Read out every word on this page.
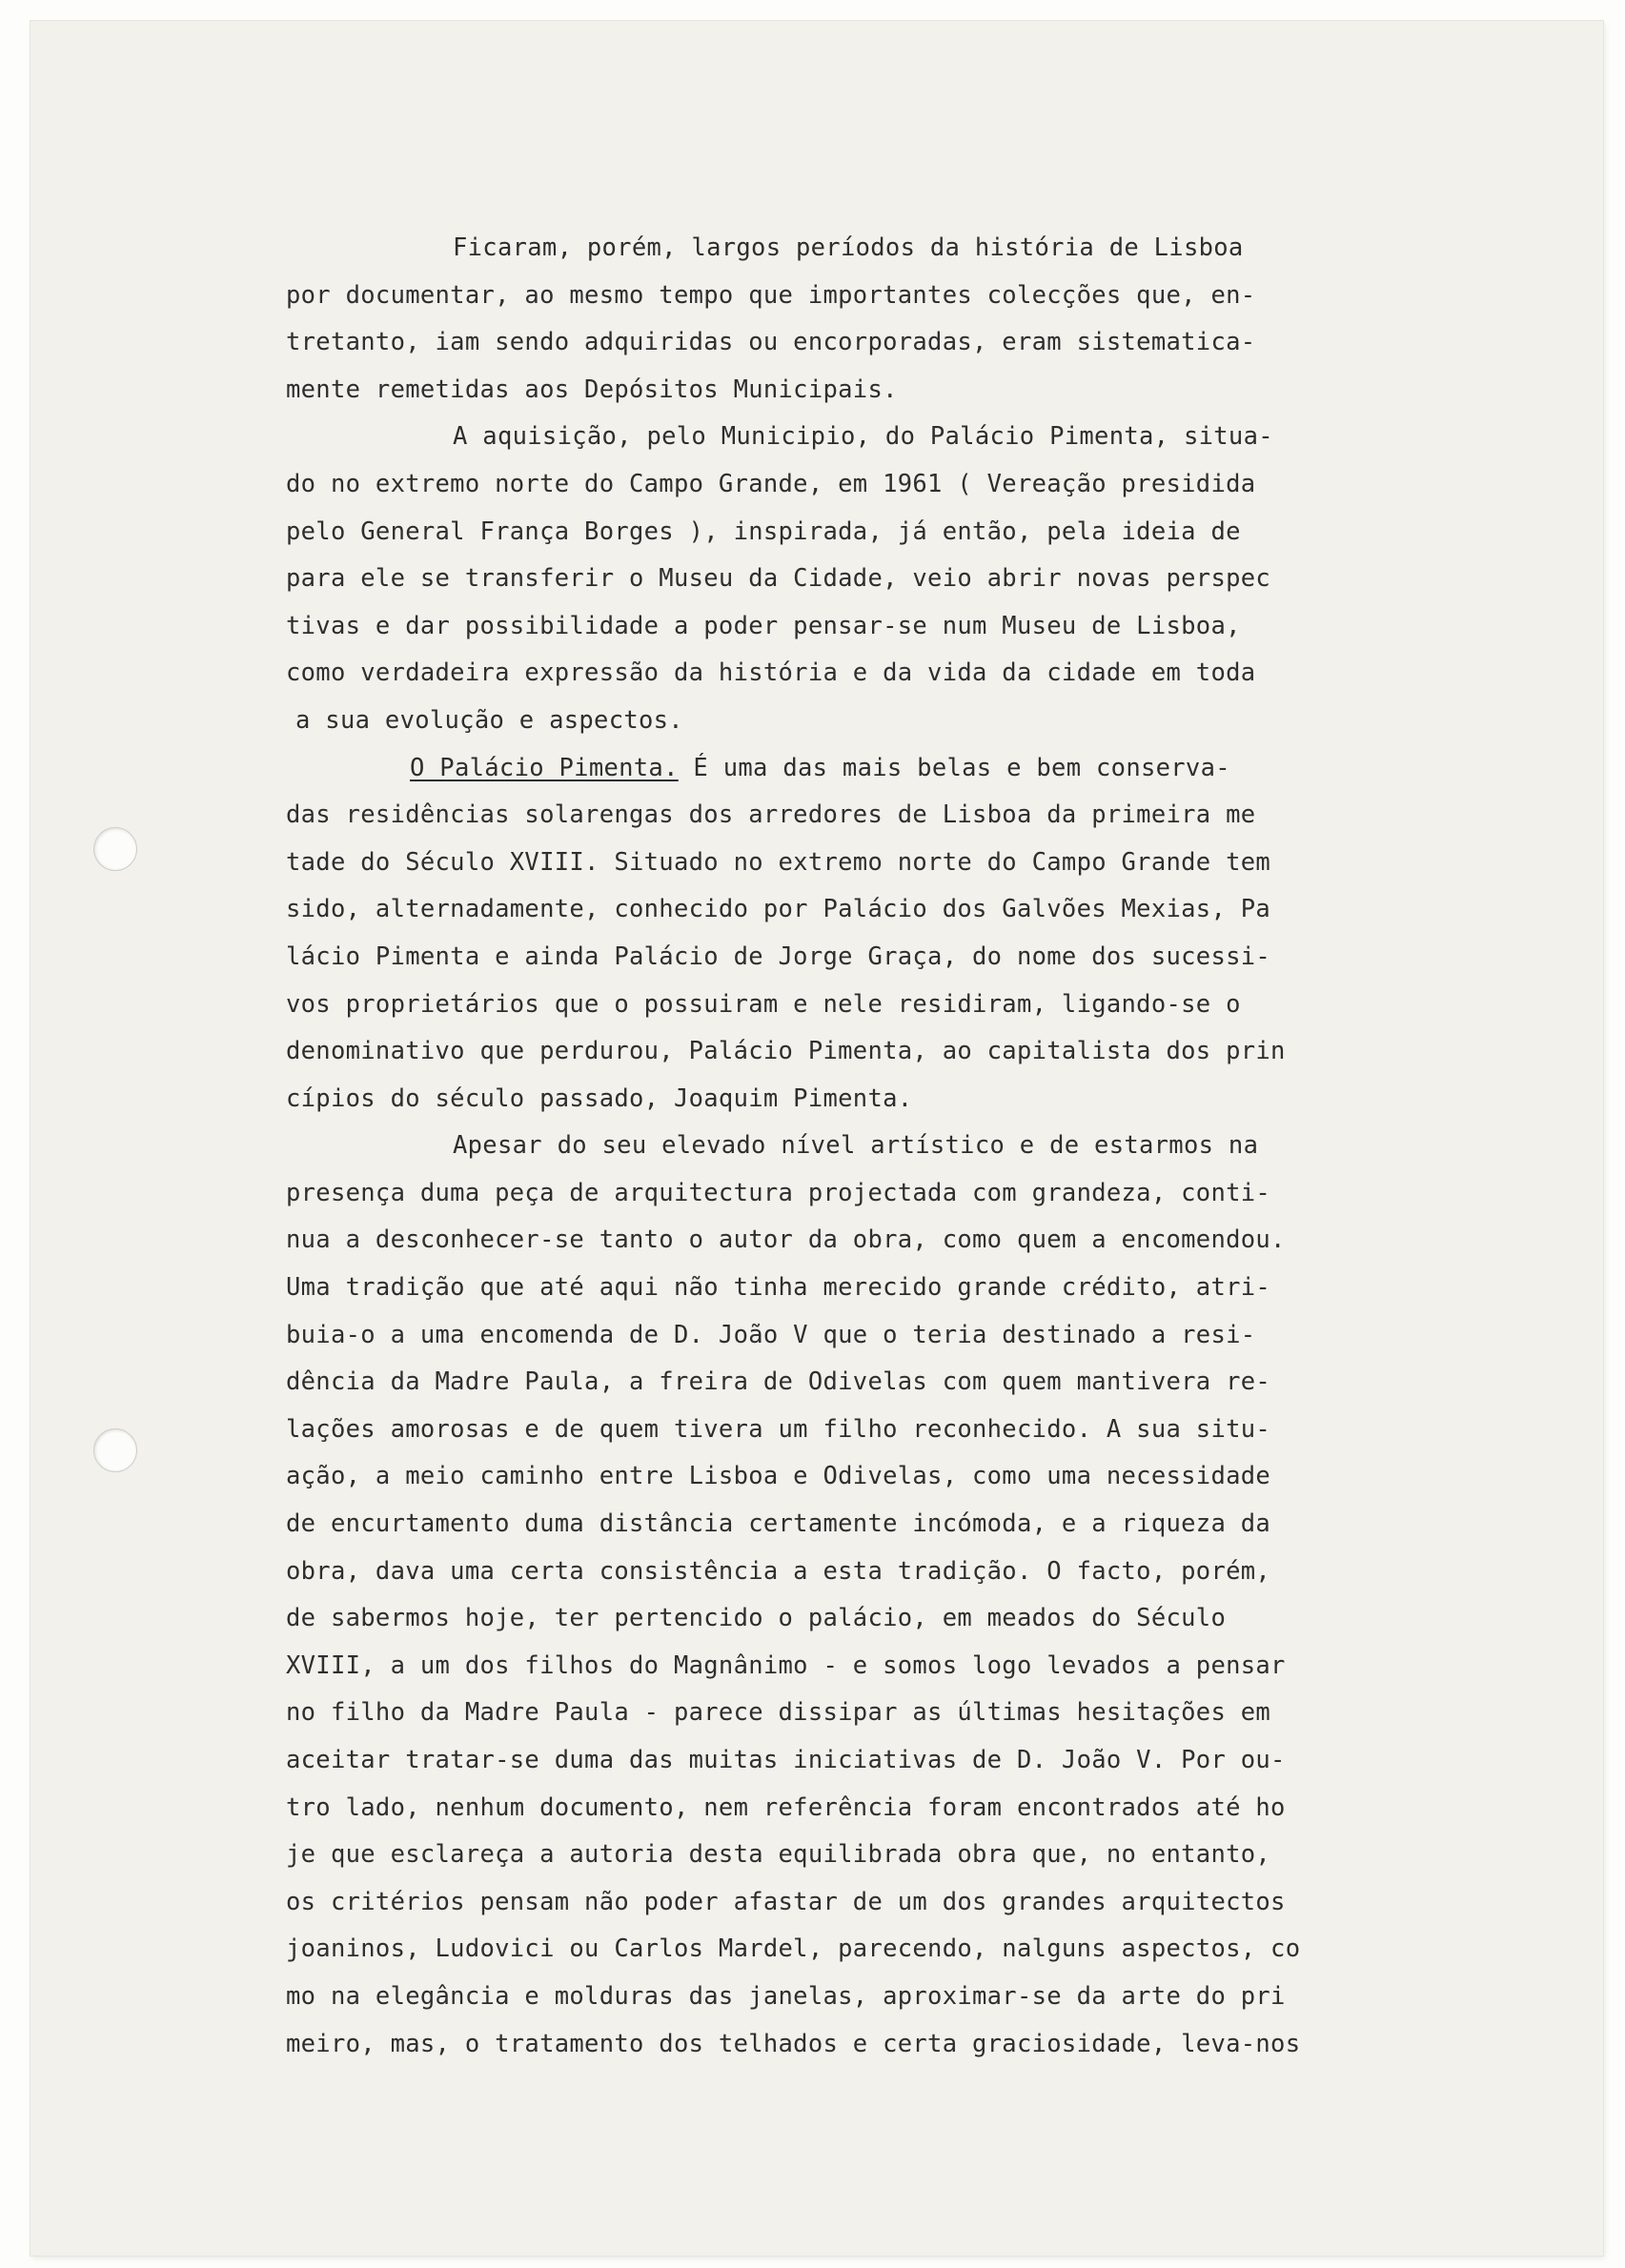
Ficaram, porém, largos períodos da história de Lisboa
por documentar, ao mesmo tempo que importantes colecções que, en-
tretanto, iam sendo adquiridas ou encorporadas, eram sistematica-
mente remetidas aos Depósitos Municipais.
A aquisição, pelo Municipio, do Palácio Pimenta, situa-
do no extremo norte do Campo Grande, em 1961 ( Vereação presidida
pelo General França Borges ), inspirada, já então, pela ideia de
para ele se transferir o Museu da Cidade, veio abrir novas perspec
tivas e dar possibilidade a poder pensar-se num Museu de Lisboa,
como verdadeira expressão da história e da vida da cidade em toda
a sua evolução e aspectos.
O Palácio Pimenta. É uma das mais belas e bem conserva-
das residências solarengas dos arredores de Lisboa da primeira me
tade do Século XVIII. Situado no extremo norte do Campo Grande tem
sido, alternadamente, conhecido por Palácio dos Galvões Mexias, Pa
lácio Pimenta e ainda Palácio de Jorge Graça, do nome dos sucessi-
vos proprietários que o possuiram e nele residiram, ligando-se o
denominativo que perdurou, Palácio Pimenta, ao capitalista dos prin
cípios do século passado, Joaquim Pimenta.
Apesar do seu elevado nível artístico e de estarmos na
presença duma peça de arquitectura projectada com grandeza, conti-
nua a desconhecer-se tanto o autor da obra, como quem a encomendou.
Uma tradição que até aqui não tinha merecido grande crédito, atri-
buia-o a uma encomenda de D. João V que o teria destinado a resi-
dência da Madre Paula, a freira de Odivelas com quem mantivera re-
lações amorosas e de quem tivera um filho reconhecido. A sua situ-
ação, a meio caminho entre Lisboa e Odivelas, como uma necessidade
de encurtamento duma distância certamente incómoda, e a riqueza da
obra, dava uma certa consistência a esta tradição. O facto, porém,
de sabermos hoje, ter pertencido o palácio, em meados do Século
XVIII, a um dos filhos do Magnânimo - e somos logo levados a pensar
no filho da Madre Paula - parece dissipar as últimas hesitações em
aceitar tratar-se duma das muitas iniciativas de D. João V. Por ou-
tro lado, nenhum documento, nem referência foram encontrados até ho
je que esclareça a autoria desta equilibrada obra que, no entanto,
os critérios pensam não poder afastar de um dos grandes arquitectos
joaninos, Ludovici ou Carlos Mardel, parecendo, nalguns aspectos, co
mo na elegância e molduras das janelas, aproximar-se da arte do pri
meiro, mas, o tratamento dos telhados e certa graciosidade, leva-nos
